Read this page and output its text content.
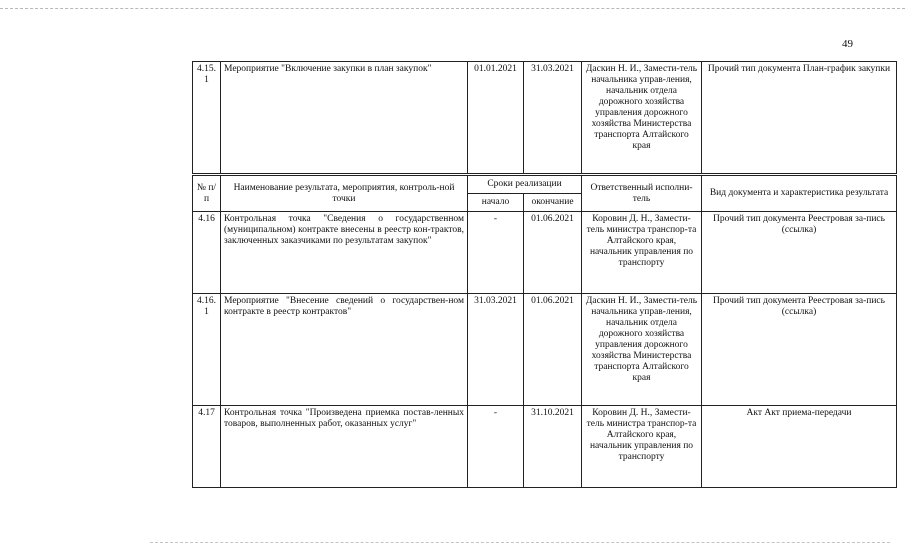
49
4.15. 1	Мероприятие "Включение закупки в план закупок"	01.01.2021	31.03.2021	Даскин Н. И., Замести-тель начальника управ-ления, начальник отдела дорожного хозяйства управления дорожного хозяйства Министерства транспорта Алтайского края	Прочий тип документа План-график закупки
№ п/п	Наименование результата, мероприятия, контроль-ной точки	Сроки реализации		Ответственный исполни-тель	Вид документа и характеристика результата
		начало	окончание		
4.16	Контрольная точка "Сведения о государственном (муниципальном) контракте внесены в реестр кон-трактов, заключенных заказчиками по результатам закупок"	-	01.06.2021	Коровин Д. Н., Замести-тель министра транспор-та Алтайского края, начальник управления по транспорту	Прочий тип документа Реестровая за-пись (ссылка)
4.16. 1	Мероприятие "Внесение сведений о государствен-ном контракте в реестр контрактов"	31.03.2021	01.06.2021	Даскин Н. И., Замести-тель начальника управ-ления, начальник отдела дорожного хозяйства управления дорожного хозяйства Министерства транспорта Алтайского края	Прочий тип документа Реестровая за-пись (ссылка)
4.17	Контрольная точка "Произведена приемка постав-ленных товаров, выполненных работ, оказанных услуг"	-	31.10.2021	Коровин Д. Н., Замести-тель министра транспор-та Алтайского края, начальник управления по транспорту	Акт Акт приема-передачи
